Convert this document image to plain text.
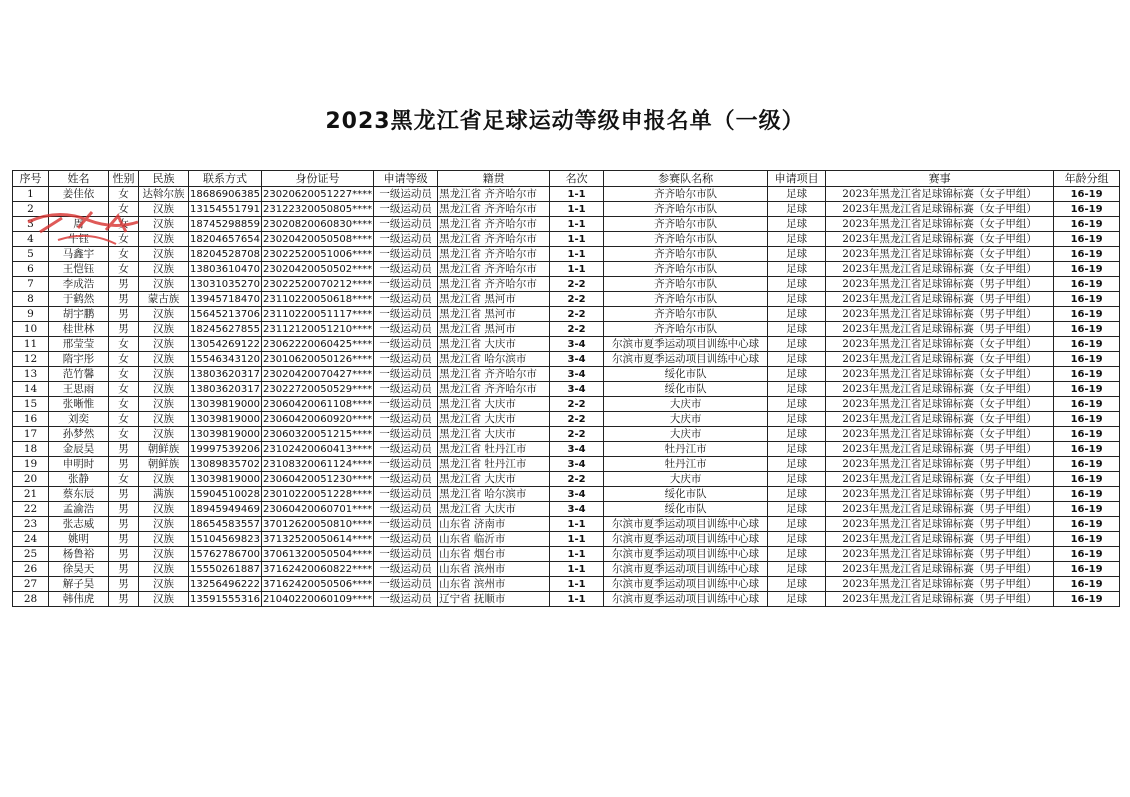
2023黑龙江省足球运动等级申报名单（一级）
序号	姓名	性别	民族	联系方式	身份证号	申请等级	籍贯	名次	参赛队名称	申请项目	赛事	年龄分组
1	姜佳依	女	达斡尔族	18686906385	23020620051227****	一级运动员	黑龙江省 齐齐哈尔市	1-1	齐齐哈尔市队	足球	2023年黑龙江省足球锦标赛（女子甲组）	16-19
2		女	汉族	13154551791	23122320050805****	一级运动员	黑龙江省 齐齐哈尔市	1-1	齐齐哈尔市队	足球	2023年黑龙江省足球锦标赛（女子甲组）	16-19
3	周	女	汉族	18745298859	23020820060830****	一级运动员	黑龙江省 齐齐哈尔市	1-1	齐齐哈尔市队	足球	2023年黑龙江省足球锦标赛（女子甲组）	16-19
4	牛钰	女	汉族	18204657654	23020420050508****	一级运动员	黑龙江省 齐齐哈尔市	1-1	齐齐哈尔市队	足球	2023年黑龙江省足球锦标赛（女子甲组）	16-19
5	马鑫宇	女	汉族	18204528708	23022520051006****	一级运动员	黑龙江省 齐齐哈尔市	1-1	齐齐哈尔市队	足球	2023年黑龙江省足球锦标赛（女子甲组）	16-19
6	王恺钰	女	汉族	13803610470	23020420050502****	一级运动员	黑龙江省 齐齐哈尔市	1-1	齐齐哈尔市队	足球	2023年黑龙江省足球锦标赛（女子甲组）	16-19
7	李成浩	男	汉族	13031035270	23022520070212****	一级运动员	黑龙江省 齐齐哈尔市	2-2	齐齐哈尔市队	足球	2023年黑龙江省足球锦标赛（男子甲组）	16-19
8	于鹤然	男	蒙古族	13945718470	23110220050618****	一级运动员	黑龙江省 黑河市	2-2	齐齐哈尔市队	足球	2023年黑龙江省足球锦标赛（男子甲组）	16-19
9	胡宇鹏	男	汉族	15645213706	23110220051117****	一级运动员	黑龙江省 黑河市	2-2	齐齐哈尔市队	足球	2023年黑龙江省足球锦标赛（男子甲组）	16-19
10	桂世林	男	汉族	18245627855	23112120051210****	一级运动员	黑龙江省 黑河市	2-2	齐齐哈尔市队	足球	2023年黑龙江省足球锦标赛（男子甲组）	16-19
11	邢莹莹	女	汉族	13054269122	23062220060425****	一级运动员	黑龙江省 大庆市	3-4	尔滨市夏季运动项目训练中心球	足球	2023年黑龙江省足球锦标赛（女子甲组）	16-19
12	隋宇彤	女	汉族	15546343120	23010620050126****	一级运动员	黑龙江省 哈尔滨市	3-4	尔滨市夏季运动项目训练中心球	足球	2023年黑龙江省足球锦标赛（女子甲组）	16-19
13	范竹馨	女	汉族	13803620317	23020420070427****	一级运动员	黑龙江省 齐齐哈尔市	3-4	绥化市队	足球	2023年黑龙江省足球锦标赛（女子甲组）	16-19
14	王思雨	女	汉族	13803620317	23022720050529****	一级运动员	黑龙江省 齐齐哈尔市	3-4	绥化市队	足球	2023年黑龙江省足球锦标赛（女子甲组）	16-19
15	张晰惟	女	汉族	13039819000	23060420061108****	一级运动员	黑龙江省 大庆市	2-2	大庆市	足球	2023年黑龙江省足球锦标赛（女子甲组）	16-19
16	刘奕	女	汉族	13039819000	23060420060920****	一级运动员	黑龙江省 大庆市	2-2	大庆市	足球	2023年黑龙江省足球锦标赛（女子甲组）	16-19
17	孙梦然	女	汉族	13039819000	23060320051215****	一级运动员	黑龙江省 大庆市	2-2	大庆市	足球	2023年黑龙江省足球锦标赛（女子甲组）	16-19
18	金辰昊	男	朝鲜族	19997539206	23102420060413****	一级运动员	黑龙江省 牡丹江市	3-4	牡丹江市	足球	2023年黑龙江省足球锦标赛（男子甲组）	16-19
19	申明时	男	朝鲜族	13089835702	23108320061124****	一级运动员	黑龙江省 牡丹江市	3-4	牡丹江市	足球	2023年黑龙江省足球锦标赛（男子甲组）	16-19
20	张静	女	汉族	13039819000	23060420051230****	一级运动员	黑龙江省 大庆市	2-2	大庆市	足球	2023年黑龙江省足球锦标赛（女子甲组）	16-19
21	蔡东辰	男	满族	15904510028	23010220051228****	一级运动员	黑龙江省 哈尔滨市	3-4	绥化市队	足球	2023年黑龙江省足球锦标赛（男子甲组）	16-19
22	孟渝浩	男	汉族	18945949469	23060420060701****	一级运动员	黑龙江省 大庆市	3-4	绥化市队	足球	2023年黑龙江省足球锦标赛（男子甲组）	16-19
23	张志威	男	汉族	18654583557	37012620050810****	一级运动员	山东省 济南市	1-1	尔滨市夏季运动项目训练中心球	足球	2023年黑龙江省足球锦标赛（男子甲组）	16-19
24	姚明	男	汉族	15104569823	37132520050614****	一级运动员	山东省 临沂市	1-1	尔滨市夏季运动项目训练中心球	足球	2023年黑龙江省足球锦标赛（男子甲组）	16-19
25	杨鲁裕	男	汉族	15762786700	37061320050504****	一级运动员	山东省 烟台市	1-1	尔滨市夏季运动项目训练中心球	足球	2023年黑龙江省足球锦标赛（男子甲组）	16-19
26	徐昊天	男	汉族	15550261887	37162420060822****	一级运动员	山东省 滨州市	1-1	尔滨市夏季运动项目训练中心球	足球	2023年黑龙江省足球锦标赛（男子甲组）	16-19
27	解子昊	男	汉族	13256496222	37162420050506****	一级运动员	山东省 滨州市	1-1	尔滨市夏季运动项目训练中心球	足球	2023年黑龙江省足球锦标赛（男子甲组）	16-19
28	韩伟虎	男	汉族	13591555316	21040220060109****	一级运动员	辽宁省 抚顺市	1-1	尔滨市夏季运动项目训练中心球	足球	2023年黑龙江省足球锦标赛（男子甲组）	16-19
